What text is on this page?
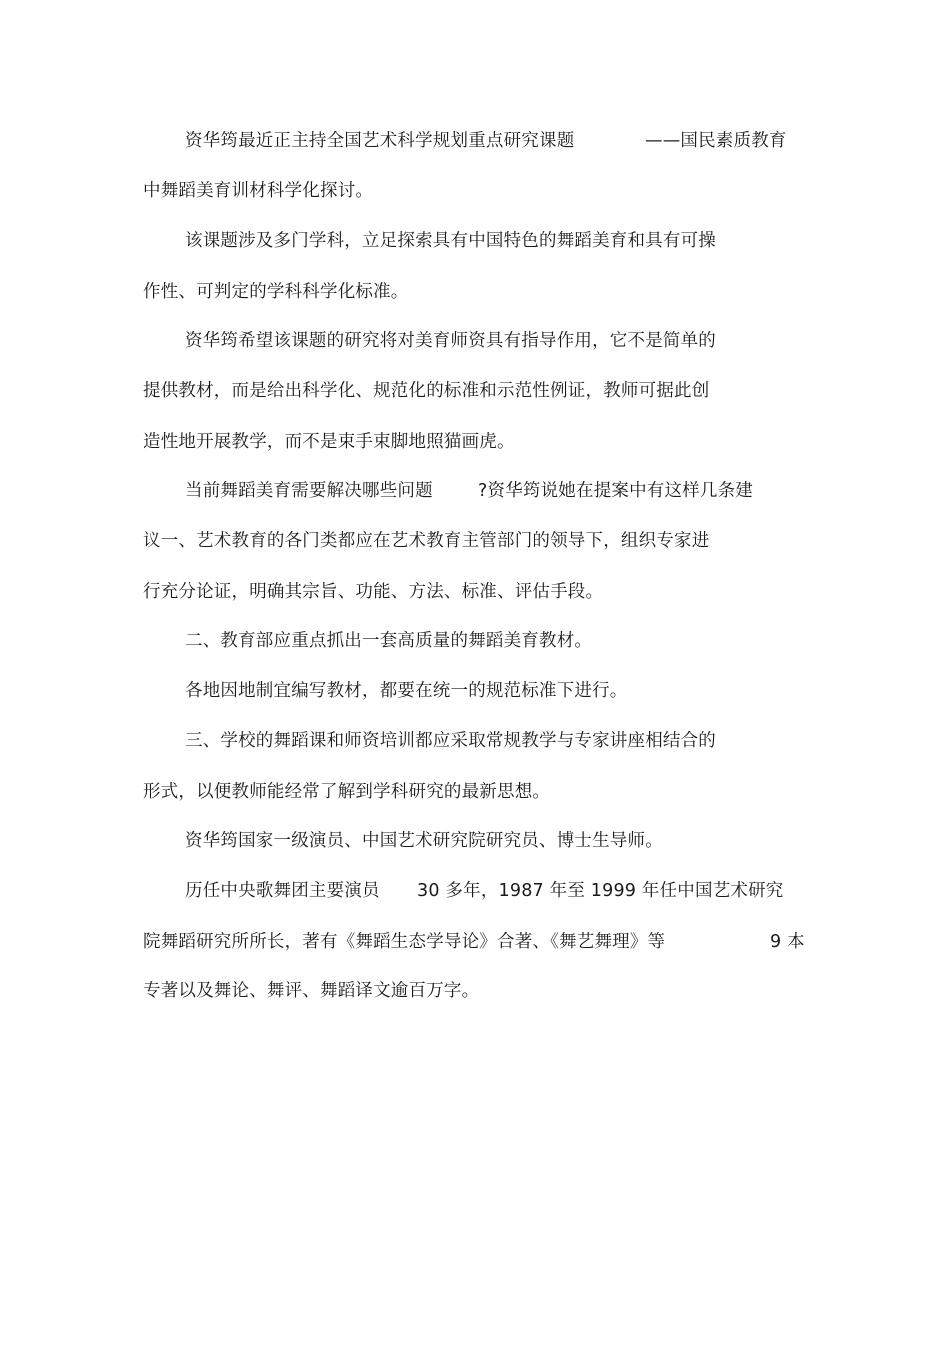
资华筠最近正主持全国艺术科学规划重点研究课题	——国民素质教育
中舞蹈美育训材科学化探讨。
该课题涉及多门学科，立足探索具有中国特色的舞蹈美育和具有可操
作性、可判定的学科科学化标准。
资华筠希望该课题的研究将对美育师资具有指导作用，它不是简单的
提供教材，而是给出科学化、规范化的标准和示范性例证，教师可据此创
造性地开展教学，而不是束手束脚地照猫画虎。
当前舞蹈美育需要解决哪些问题	?资华筠说她在提案中有这样几条建
议一、艺术教育的各门类都应在艺术教育主管部门的领导下，组织专家进
行充分论证，明确其宗旨、功能、方法、标准、评估手段。
二、教育部应重点抓出一套高质量的舞蹈美育教材。
各地因地制宜编写教材，都要在统一的规范标准下进行。
三、学校的舞蹈课和师资培训都应采取常规教学与专家讲座相结合的
形式，以便教师能经常了解到学科研究的最新思想。
资华筠国家一级演员、中国艺术研究院研究员、博士生导师。
历任中央歌舞团主要演员 30 多年，1987 年至 1999 年任中国艺术研究
院舞蹈研究所所长，著有《舞蹈生态学导论》合著、《舞艺舞理》等	9 本
专著以及舞论、舞评、舞蹈译文逾百万字。
